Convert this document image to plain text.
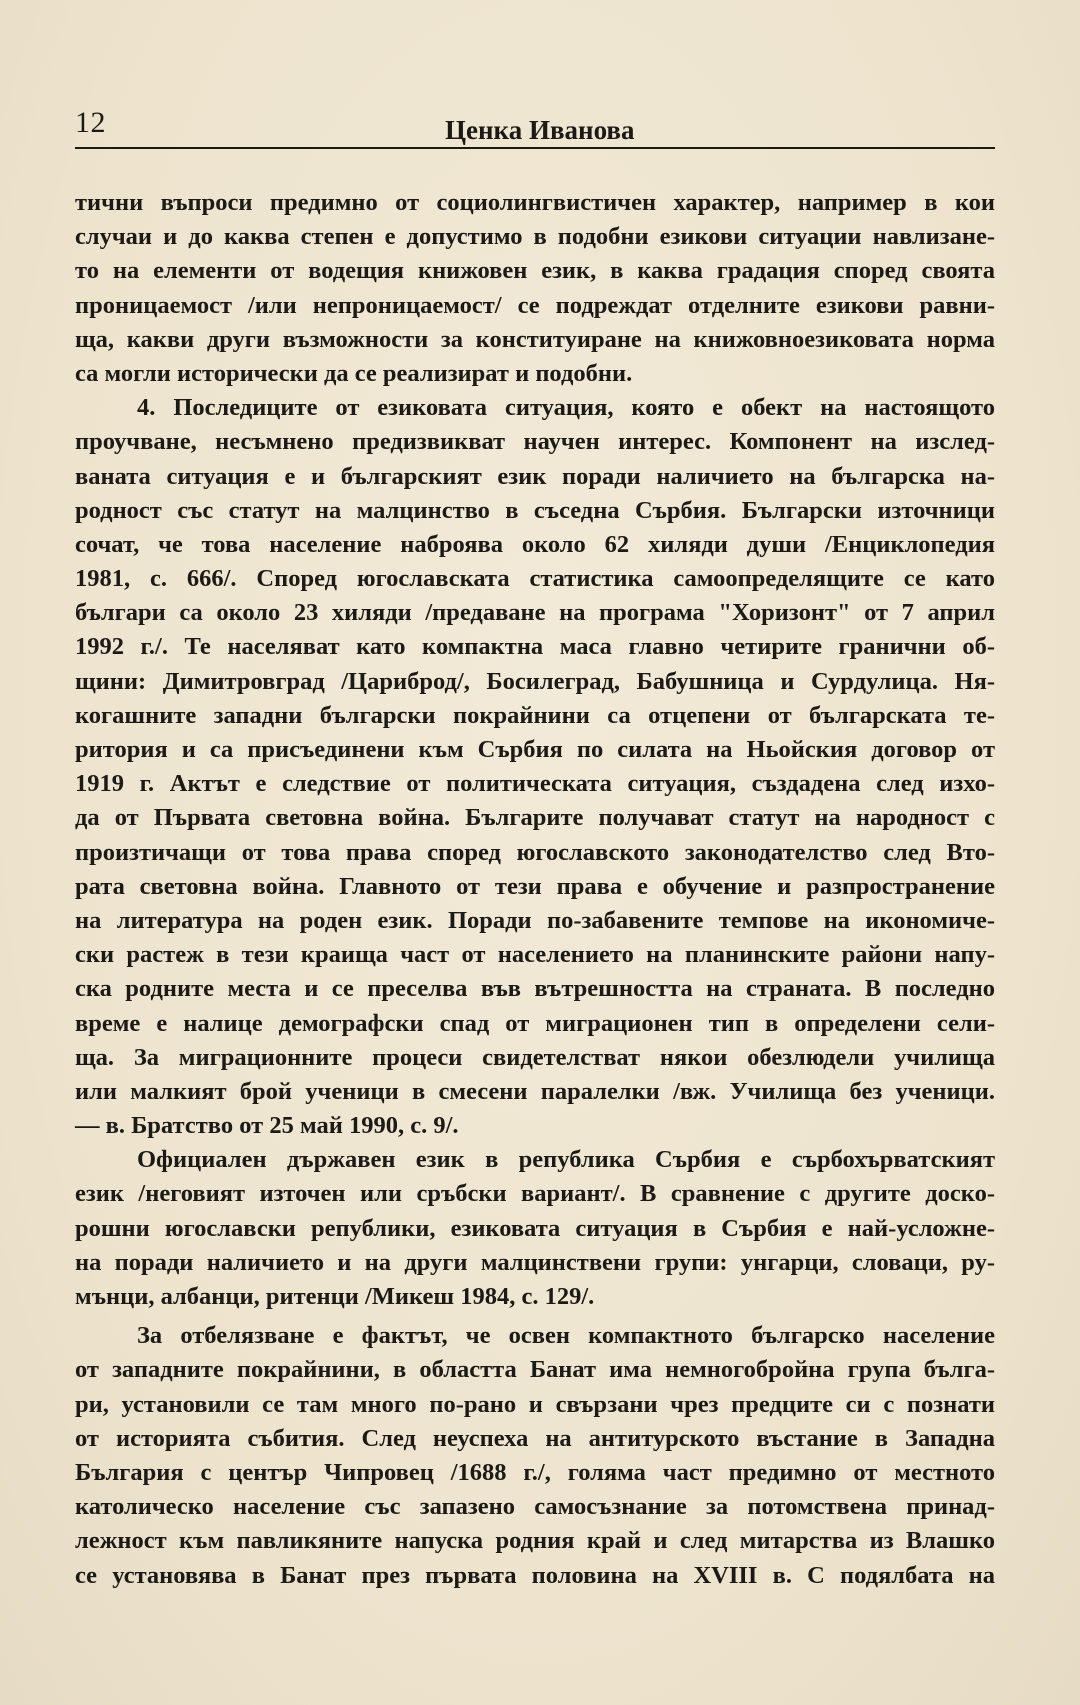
12	Ценка Иванова

тични въпроси предимно от социолингвистичен характер, например в кои
случаи и до каква степен е допустимо в подобни езикови ситуации навлизане-
то на елементи от водещия книжовен език, в каква градация според своята
проницаемост /или непроницаемост/ се подреждат отделните езикови равни-
ща, какви други възможности за конституиране на книжовноезиковата норма
са могли исторически да се реализират и подобни.

4. Последиците от езиковата ситуация, която е обект на настоящото
проучване, несъмнено предизвикват научен интерес. Компонент на изслед-
ваната ситуация е и българският език поради наличието на българска на-
родност със статут на малцинство в съседна Сърбия. Български източници
сочат, че това население наброява около 62 хиляди души /Енциклопедия
1981, с. 666/. Според югославската статистика самоопределящите се като
българи са около 23 хиляди /предаване на програма "Хоризонт" от 7 април
1992 г./. Те населяват като компактна маса главно четирите гранични об-
щини: Димитровград /Цариброд/, Босилеград, Бабушница и Сурдулица. Ня-
когашните западни български покрайнини са отцепени от българската те-
ритория и са присъединени към Сърбия по силата на Ньойския договор от
1919 г. Актът е следствие от политическата ситуация, създадена след изхо-
да от Първата световна война. Българите получават статут на народност с
произтичащи от това права според югославското законодателство след Вто-
рата световна война. Главното от тези права е обучение и разпространение
на литература на роден език. Поради по-забавените темпове на икономиче-
ски растеж в тези краища част от населението на планинските райони напу-
ска родните места и се преселва във вътрешността на страната. В последно
време е налице демографски спад от миграционен тип в определени сели-
ща. За миграционните процеси свидетелстват някои обезлюдели училища
или малкият брой ученици в смесени паралелки /вж. Училища без ученици.
— в. Братство от 25 май 1990, с. 9/.

Официален държавен език в република Сърбия е сърбохърватският
език /неговият източен или сръбски вариант/. В сравнение с другите доско-
рошни югославски републики, езиковата ситуация в Сърбия е най-усложне-
на поради наличието и на други малцинствени групи: унгарци, словаци, ру-
мънци, албанци, ритенци /Микеш 1984, с. 129/.

За отбелязване е фактът, че освен компактното българско население
от западните покрайнини, в областта Банат има немногобройна група бълга-
ри, установили се там много по-рано и свързани чрез предците си с познати
от историята събития. След неуспеха на антитурското въстание в Западна
България с център Чипровец /1688 г./, голяма част предимно от местното
католическо население със запазено самосъзнание за потомствена принад-
лежност към павликяните напуска родния край и след митарства из Влашко
се установява в Банат през първата половина на XVIII в. С подялбата на
